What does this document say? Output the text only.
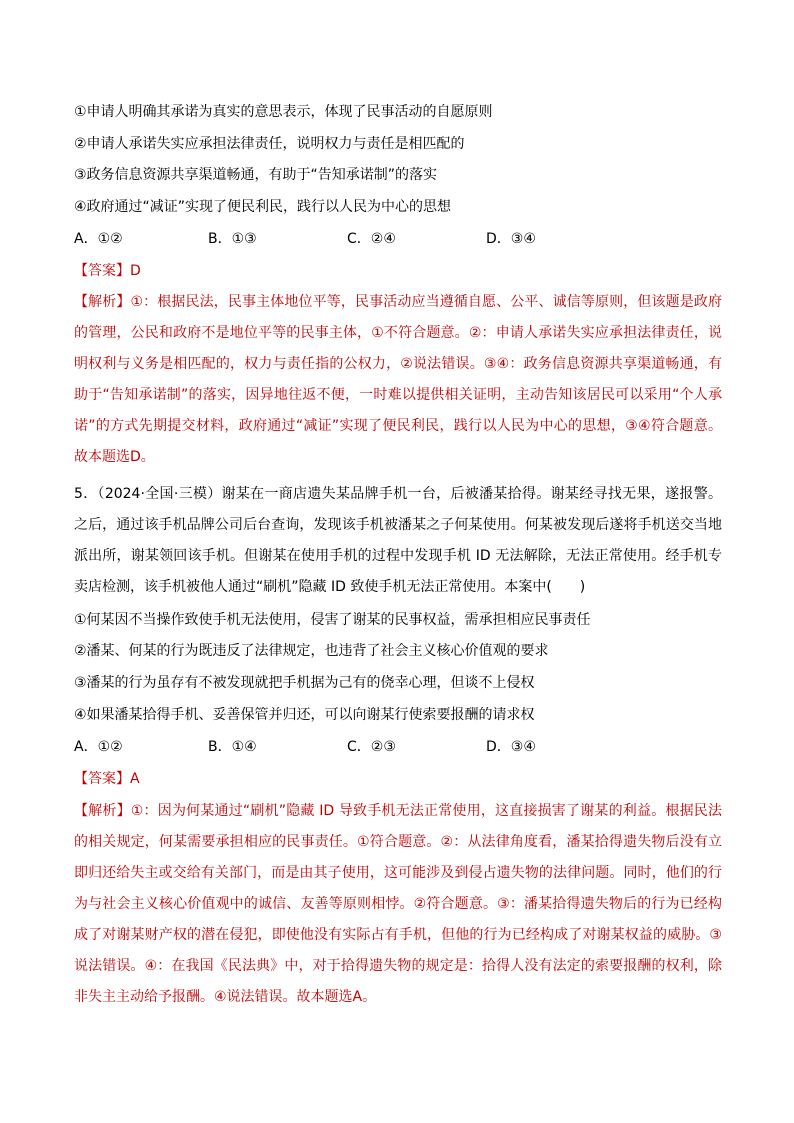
①申请人明确其承诺为真实的意思表示，体现了民事活动的自愿原则
②申请人承诺失实应承担法律责任，说明权力与责任是相匹配的
③政务信息资源共享渠道畅通，有助于“告知承诺制”的落实
④政府通过“减证”实现了便民利民，践行以人民为中心的思想
A．①②	B．①③	C．②④	D．③④
【答案】D
【解析】①：根据民法，民事主体地位平等，民事活动应当遵循自愿、公平、诚信等原则，但该题是政府的管理，公民和政府不是地位平等的民事主体，①不符合题意。②：申请人承诺失实应承担法律责任，说明权利与义务是相匹配的，权力与责任指的公权力，②说法错误。③④：政务信息资源共享渠道畅通，有助于“告知承诺制”的落实，因异地往返不便，一时难以提供相关证明，主动告知该居民可以采用“个人承诺”的方式先期提交材料，政府通过“减证”实现了便民利民，践行以人民为中心的思想，③④符合题意。故本题选D。
5．（2024·全国·三模）谢某在一商店遗失某品牌手机一台，后被潘某拾得。谢某经寻找无果，遂报警。之后，通过该手机品牌公司后台查询，发现该手机被潘某之子何某使用。何某被发现后遂将手机送交当地派出所，谢某领回该手机。但谢某在使用手机的过程中发现手机 ID 无法解除，无法正常使用。经手机专卖店检测，该手机被他人通过“刷机”隐藏 ID 致使手机无法正常使用。本案中(　　)
①何某因不当操作致使手机无法使用，侵害了谢某的民事权益，需承担相应民事责任
②潘某、何某的行为既违反了法律规定，也违背了社会主义核心价值观的要求
③潘某的行为虽存有不被发现就把手机据为己有的侥幸心理，但谈不上侵权
④如果潘某拾得手机、妥善保管并归还，可以向谢某行使索要报酬的请求权
A．①②	B．①④	C．②③	D．③④
【答案】A
【解析】①：因为何某通过“刷机”隐藏 ID 导致手机无法正常使用，这直接损害了谢某的利益。根据民法的相关规定，何某需要承担相应的民事责任。①符合题意。②：从法律角度看，潘某拾得遗失物后没有立即归还给失主或交给有关部门，而是由其子使用，这可能涉及到侵占遗失物的法律问题。同时，他们的行为与社会主义核心价值观中的诚信、友善等原则相悖。②符合题意。③：潘某拾得遗失物后的行为已经构成了对谢某财产权的潜在侵犯，即使他没有实际占有手机，但他的行为已经构成了对谢某权益的威胁。③说法错误。④：在我国《民法典》中，对于拾得遗失物的规定是：拾得人没有法定的索要报酬的权利，除非失主主动给予报酬。④说法错误。故本题选A。
